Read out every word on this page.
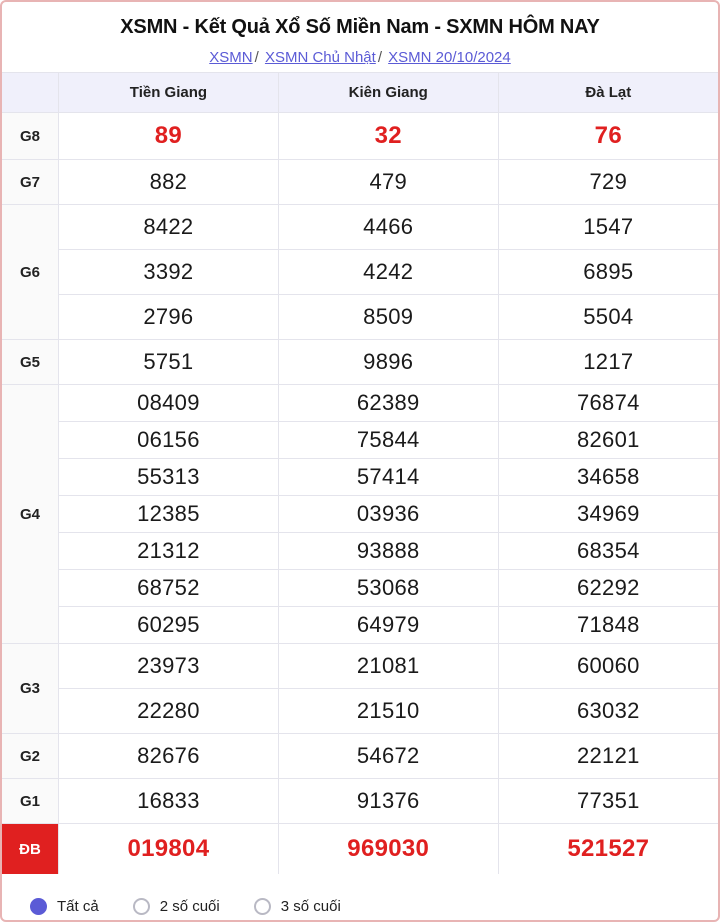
XSMN - Kết Quả Xổ Số Miền Nam - SXMN HÔM NAY
XSMN / XSMN Chủ Nhật / XSMN 20/10/2024
	Tiền Giang	Kiên Giang	Đà Lạt
G8	89	32	76
G7	882	479	729
G6	8422	4466	1547
	3392	4242	6895
	2796	8509	5504
G5	5751	9896	1217
G4	08409	62389	76874
	06156	75844	82601
	55313	57414	34658
	12385	03936	34969
	21312	93888	68354
	68752	53068	62292
	60295	64979	71848
G3	23973	21081	60060
	22280	21510	63032
G2	82676	54672	22121
G1	16833	91376	77351
ĐB	019804	969030	521527
Tất cả	2 số cuối	3 số cuối
